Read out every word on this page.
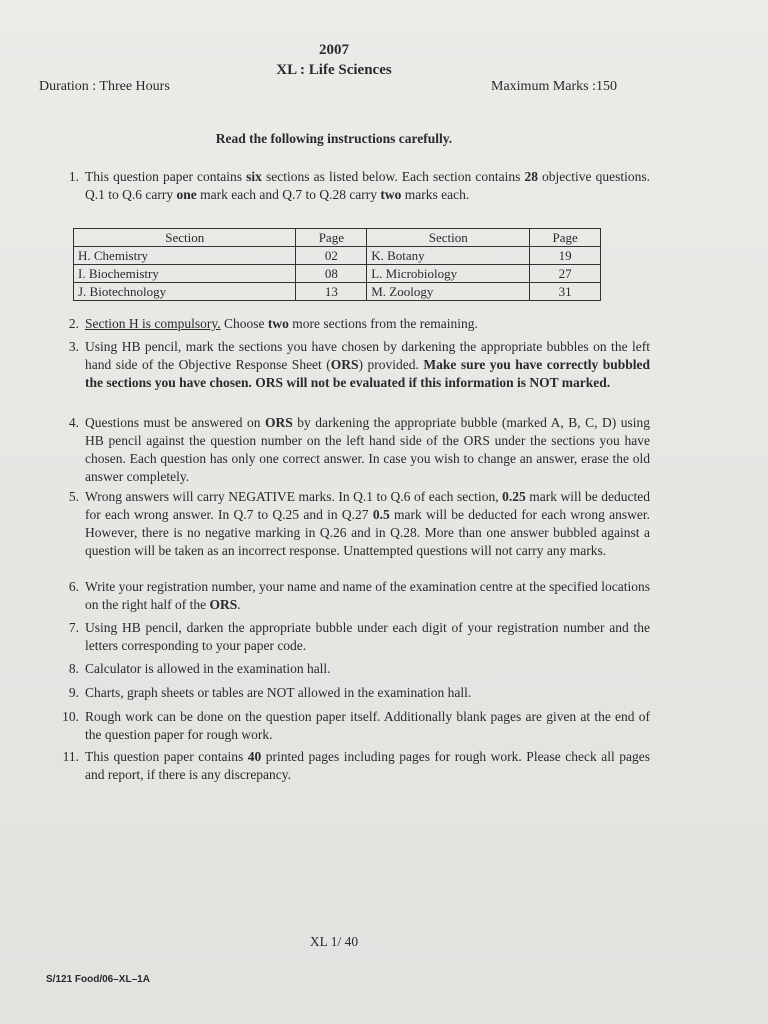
2007
XL : Life Sciences
Duration : Three Hours	Maximum Marks :150
Read the following instructions carefully.
1. This question paper contains six sections as listed below. Each section contains 28 objective questions. Q.1 to Q.6 carry one mark each and Q.7 to Q.28 carry two marks each.
Section	Page	Section	Page
H. Chemistry	02	K. Botany	19
I. Biochemistry	08	L. Microbiology	27
J. Biotechnology	13	M. Zoology	31
2. Section H is compulsory. Choose two more sections from the remaining.
3. Using HB pencil, mark the sections you have chosen by darkening the appropriate bubbles on the left hand side of the Objective Response Sheet (ORS) provided. Make sure you have correctly bubbled the sections you have chosen. ORS will not be evaluated if this information is NOT marked.
4. Questions must be answered on ORS by darkening the appropriate bubble (marked A, B, C, D) using HB pencil against the question number on the left hand side of the ORS under the sections you have chosen. Each question has only one correct answer. In case you wish to change an answer, erase the old answer completely.
5. Wrong answers will carry NEGATIVE marks. In Q.1 to Q.6 of each section, 0.25 mark will be deducted for each wrong answer. In Q.7 to Q.25 and in Q.27 0.5 mark will be deducted for each wrong answer. However, there is no negative marking in Q.26 and in Q.28. More than one answer bubbled against a question will be taken as an incorrect response. Unattempted questions will not carry any marks.
6. Write your registration number, your name and name of the examination centre at the specified locations on the right half of the ORS.
7. Using HB pencil, darken the appropriate bubble under each digit of your registration number and the letters corresponding to your paper code.
8. Calculator is allowed in the examination hall.
9. Charts, graph sheets or tables are NOT allowed in the examination hall.
10. Rough work can be done on the question paper itself. Additionally blank pages are given at the end of the question paper for rough work.
11. This question paper contains 40 printed pages including pages for rough work. Please check all pages and report, if there is any discrepancy.
XL 1/ 40
S/121 Food/06–XL–1A
